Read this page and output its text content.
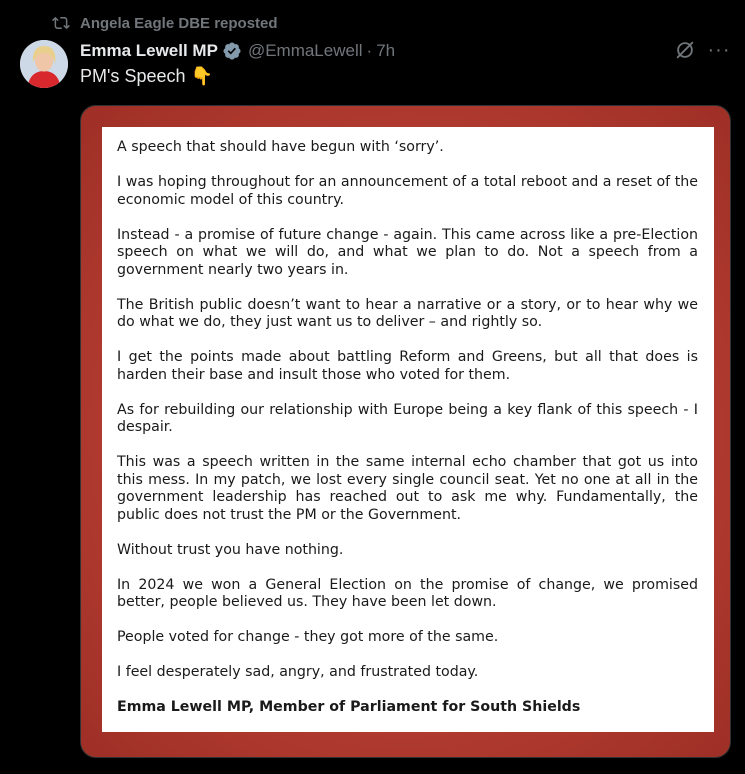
Angela Eagle DBE reposted
Emma Lewell MP @EmmaLewell · 7h	···
PM's Speech 👇

A speech that should have begun with ‘sorry’.

I was hoping throughout for an announcement of a total reboot and a reset of the economic model of this country.

Instead - a promise of future change - again. This came across like a pre-Election speech on what we will do, and what we plan to do. Not a speech from a government nearly two years in.

The British public doesn’t want to hear a narrative or a story, or to hear why we do what we do, they just want us to deliver – and rightly so.

I get the points made about battling Reform and Greens, but all that does is harden their base and insult those who voted for them.

As for rebuilding our relationship with Europe being a key flank of this speech - I despair.

This was a speech written in the same internal echo chamber that got us into this mess. In my patch, we lost every single council seat. Yet no one at all in the government leadership has reached out to ask me why. Fundamentally, the public does not trust the PM or the Government.

Without trust you have nothing.

In 2024 we won a General Election on the promise of change, we promised better, people believed us. They have been let down.

People voted for change - they got more of the same.

I feel desperately sad, angry, and frustrated today.

Emma Lewell MP, Member of Parliament for South Shields
